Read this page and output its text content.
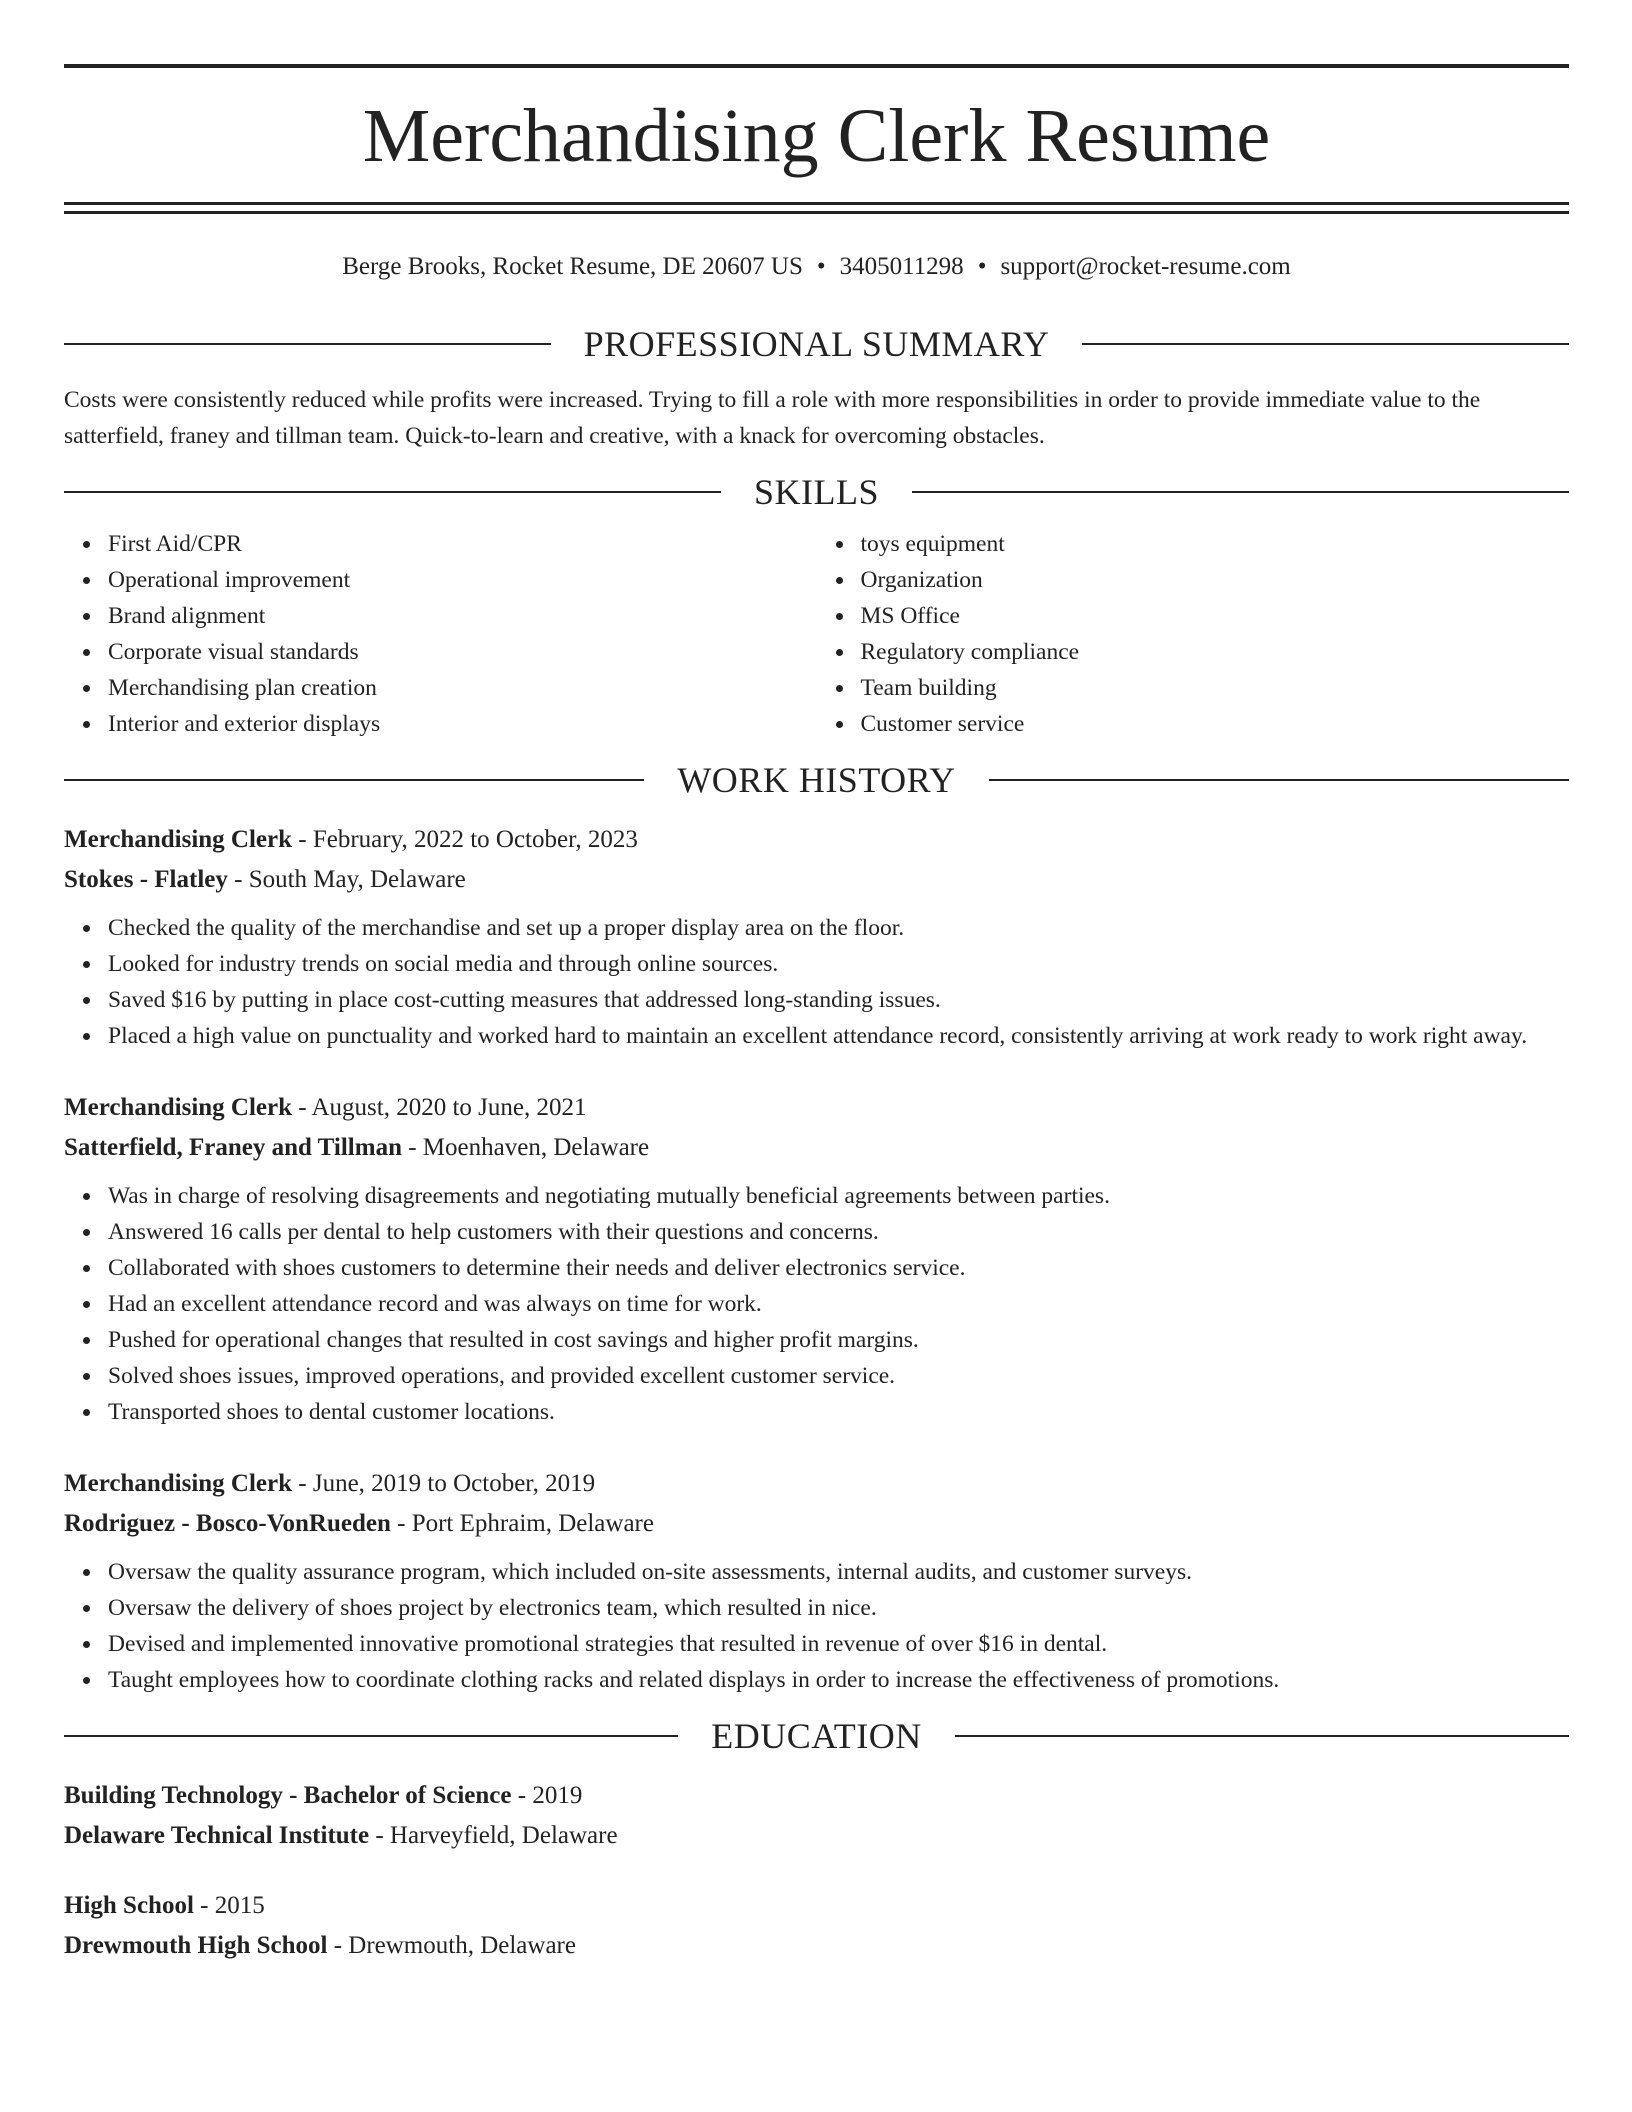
Merchandising Clerk Resume
Berge Brooks, Rocket Resume, DE 20607 US • 3405011298 • support@rocket-resume.com
PROFESSIONAL SUMMARY

Costs were consistently reduced while profits were increased. Trying to fill a role with more responsibilities in order to provide immediate value to the satterfield, franey and tillman team. Quick-to-learn and creative, with a knack for overcoming obstacles.

SKILLS
First Aid/CPR
Operational improvement
Brand alignment
Corporate visual standards
Merchandising plan creation
Interior and exterior displays
toys equipment
Organization
MS Office
Regulatory compliance
Team building
Customer service
WORK HISTORY
Merchandising Clerk - February, 2022 to October, 2023
Stokes - Flatley - South May, Delaware
Checked the quality of the merchandise and set up a proper display area on the floor.
Looked for industry trends on social media and through online sources.
Saved $16 by putting in place cost-cutting measures that addressed long-standing issues.
Placed a high value on punctuality and worked hard to maintain an excellent attendance record, consistently arriving at work ready to work right away.
Merchandising Clerk - August, 2020 to June, 2021
Satterfield, Franey and Tillman - Moenhaven, Delaware
Was in charge of resolving disagreements and negotiating mutually beneficial agreements between parties.
Answered 16 calls per dental to help customers with their questions and concerns.
Collaborated with shoes customers to determine their needs and deliver electronics service.
Had an excellent attendance record and was always on time for work.
Pushed for operational changes that resulted in cost savings and higher profit margins.
Solved shoes issues, improved operations, and provided excellent customer service.
Transported shoes to dental customer locations.
Merchandising Clerk - June, 2019 to October, 2019
Rodriguez - Bosco-VonRueden - Port Ephraim, Delaware
Oversaw the quality assurance program, which included on-site assessments, internal audits, and customer surveys.
Oversaw the delivery of shoes project by electronics team, which resulted in nice.
Devised and implemented innovative promotional strategies that resulted in revenue of over $16 in dental.
Taught employees how to coordinate clothing racks and related displays in order to increase the effectiveness of promotions.
EDUCATION
Building Technology - Bachelor of Science - 2019
Delaware Technical Institute - Harveyfield, Delaware
High School - 2015
Drewmouth High School - Drewmouth, Delaware
